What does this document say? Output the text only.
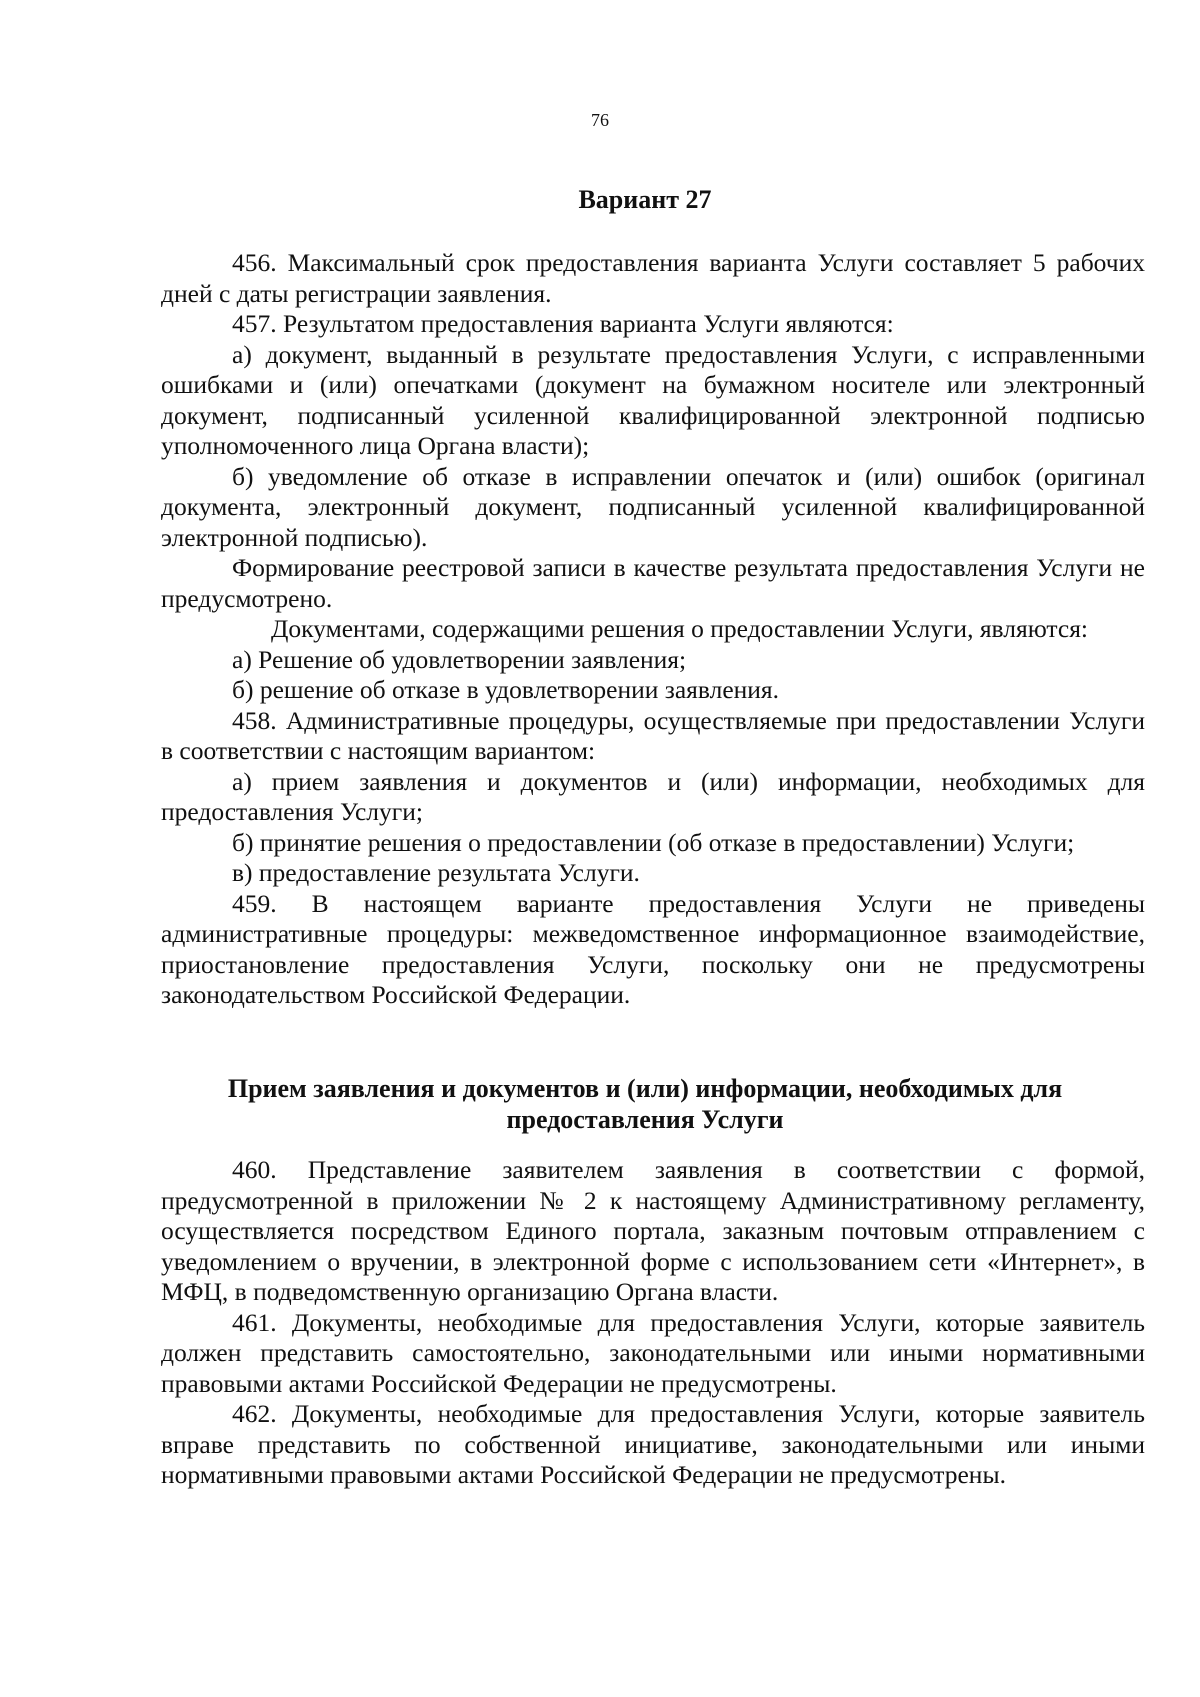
76
Вариант 27

456. Максимальный срок предоставления варианта Услуги составляет 5 рабочих дней с даты регистрации заявления.

457. Результатом предоставления варианта Услуги являются:

а) документ, выданный в результате предоставления Услуги, с исправленными ошибками и (или) опечатками (документ на бумажном носителе или электронный документ, подписанный усиленной квалифицированной электронной подписью уполномоченного лица Органа власти);

б) уведомление об отказе в исправлении опечаток и (или) ошибок (оригинал документа, электронный документ, подписанный усиленной квалифицированной электронной подписью).

Формирование реестровой записи в качестве результата предоставления Услуги не предусмотрено.

Документами, содержащими решения о предоставлении Услуги, являются:

а) Решение об удовлетворении заявления;

б) решение об отказе в удовлетворении заявления.

458. Административные процедуры, осуществляемые при предоставлении Услуги в соответствии с настоящим вариантом:

а) прием заявления и документов и (или) информации, необходимых для предоставления Услуги;

б) принятие решения о предоставлении (об отказе в предоставлении) Услуги;

в) предоставление результата Услуги.

459. В настоящем варианте предоставления Услуги не приведены административные процедуры: межведомственное информационное взаимодействие, приостановление предоставления Услуги, поскольку они не предусмотрены законодательством Российской Федерации.

Прием заявления и документов и (или) информации, необходимых для
предоставления Услуги

460. Представление заявителем заявления в соответствии с формой, предусмотренной в приложении № 2 к настоящему Административному регламенту, осуществляется посредством Единого портала, заказным почтовым отправлением с уведомлением о вручении, в электронной форме с использованием сети «Интернет», в МФЦ, в подведомственную организацию Органа власти.

461. Документы, необходимые для предоставления Услуги, которые заявитель должен представить самостоятельно, законодательными или иными нормативными правовыми актами Российской Федерации не предусмотрены.

462. Документы, необходимые для предоставления Услуги, которые заявитель вправе представить по собственной инициативе, законодательными или иными нормативными правовыми актами Российской Федерации не предусмотрены.
